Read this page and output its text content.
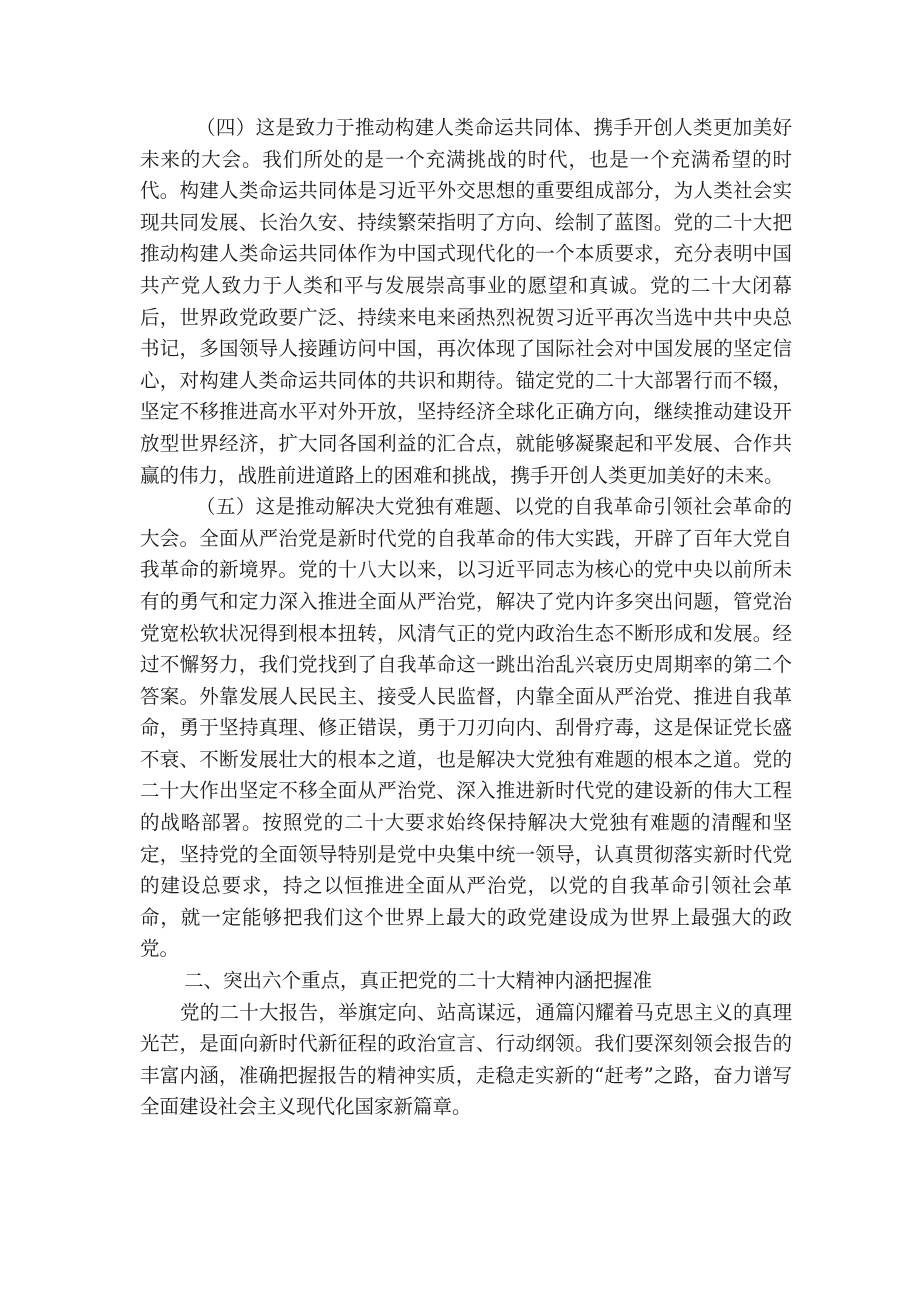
（四）这是致力于推动构建人类命运共同体、携手开创人类更加美好未来的大会。我们所处的是一个充满挑战的时代，也是一个充满希望的时代。构建人类命运共同体是习近平外交思想的重要组成部分，为人类社会实现共同发展、长治久安、持续繁荣指明了方向、绘制了蓝图。党的二十大把推动构建人类命运共同体作为中国式现代化的一个本质要求，充分表明中国共产党人致力于人类和平与发展崇高事业的愿望和真诚。党的二十大闭幕后，世界政党政要广泛、持续来电来函热烈祝贺习近平再次当选中共中央总书记，多国领导人接踵访问中国，再次体现了国际社会对中国发展的坚定信心，对构建人类命运共同体的共识和期待。锚定党的二十大部署行而不辍，坚定不移推进高水平对外开放，坚持经济全球化正确方向，继续推动建设开放型世界经济，扩大同各国利益的汇合点，就能够凝聚起和平发展、合作共赢的伟力，战胜前进道路上的困难和挑战，携手开创人类更加美好的未来。

（五）这是推动解决大党独有难题、以党的自我革命引领社会革命的大会。全面从严治党是新时代党的自我革命的伟大实践，开辟了百年大党自我革命的新境界。党的十八大以来，以习近平同志为核心的党中央以前所未有的勇气和定力深入推进全面从严治党，解决了党内许多突出问题，管党治党宽松软状况得到根本扭转，风清气正的党内政治生态不断形成和发展。经过不懈努力，我们党找到了自我革命这一跳出治乱兴衰历史周期率的第二个答案。外靠发展人民民主、接受人民监督，内靠全面从严治党、推进自我革命，勇于坚持真理、修正错误，勇于刀刃向内、刮骨疗毒，这是保证党长盛不衰、不断发展壮大的根本之道，也是解决大党独有难题的根本之道。党的二十大作出坚定不移全面从严治党、深入推进新时代党的建设新的伟大工程的战略部署。按照党的二十大要求始终保持解决大党独有难题的清醒和坚定，坚持党的全面领导特别是党中央集中统一领导，认真贯彻落实新时代党的建设总要求，持之以恒推进全面从严治党，以党的自我革命引领社会革命，就一定能够把我们这个世界上最大的政党建设成为世界上最强大的政党。

二、突出六个重点，真正把党的二十大精神内涵把握准

党的二十大报告，举旗定向、站高谋远，通篇闪耀着马克思主义的真理光芒，是面向新时代新征程的政治宣言、行动纲领。我们要深刻领会报告的丰富内涵，准确把握报告的精神实质，走稳走实新的“赶考”之路，奋力谱写全面建设社会主义现代化国家新篇章。
